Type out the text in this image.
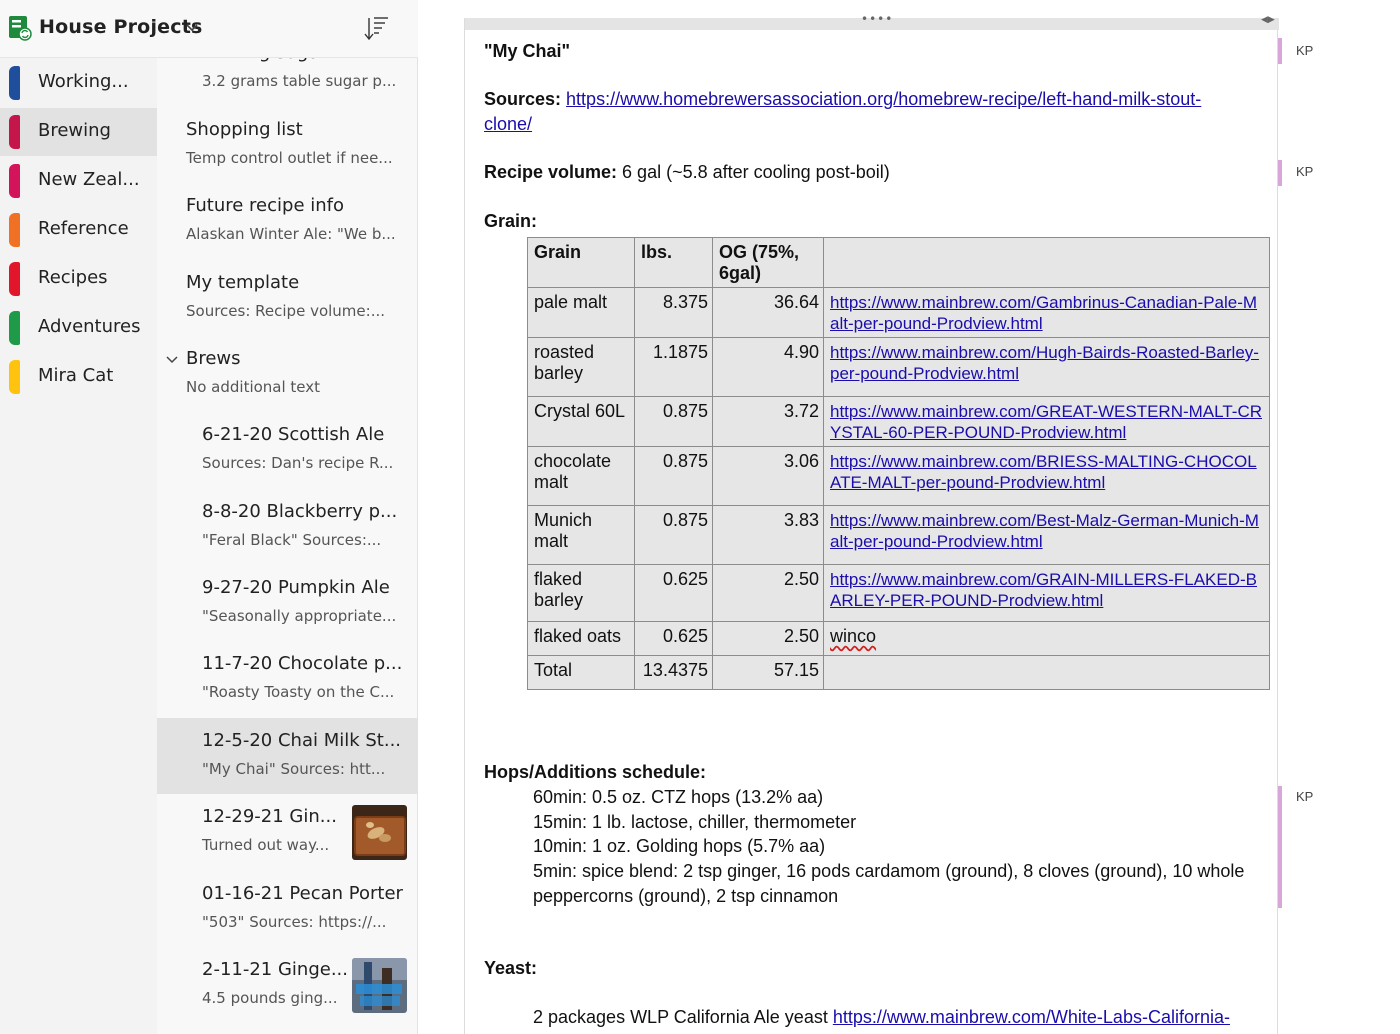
House Projects
Working...
Brewing
New Zeal...
Reference
Recipes
Adventures
Mira Cat
3.2 grams table sugar p...
Shopping list
Temp control outlet if nee...
Future recipe info
Alaskan Winter Ale: "We b...
My template
Sources: Recipe volume:...
Brews
No additional text
6-21-20 Scottish Ale
Sources: Dan's recipe R...
8-8-20 Blackberry p...
"Feral Black" Sources:...
9-27-20 Pumpkin Ale
"Seasonally appropriate...
11-7-20 Chocolate p...
"Roasty Toasty on the C...
12-5-20 Chai Milk St...
"My Chai" Sources: htt...
12-29-21 Gin...
Turned out way...
01-16-21 Pecan Porter
"503" Sources: https://...
2-11-21 Ginge...
4.5 pounds ging...
••••	◀▶
"My Chai"
Sources: https://www.homebrewersassociation.org/homebrew-recipe/left-hand-milk-stout-
clone/
Recipe volume: 6 gal (~5.8 after cooling post-boil)
Grain:
Grain	lbs.	OG (75%, 6gal)	
pale malt	8.375	36.64	https://www.mainbrew.com/Gambrinus-Canadian-Pale-Malt-per-pound-Prodview.html
roasted barley	1.1875	4.90	https://www.mainbrew.com/Hugh-Bairds-Roasted-Barley-per-pound-Prodview.html
Crystal 60L	0.875	3.72	https://www.mainbrew.com/GREAT-WESTERN-MALT-CRYSTAL-60-PER-POUND-Prodview.html
chocolate malt	0.875	3.06	https://www.mainbrew.com/BRIESS-MALTING-CHOCOLATE-MALT-per-pound-Prodview.html
Munich malt	0.875	3.83	https://www.mainbrew.com/Best-Malz-German-Munich-Malt-per-pound-Prodview.html
flaked barley	0.625	2.50	https://www.mainbrew.com/GRAIN-MILLERS-FLAKED-BARLEY-PER-POUND-Prodview.html
flaked oats	0.625	2.50	winco
Total	13.4375	57.15	
Hops/Additions schedule:
60min: 0.5 oz. CTZ hops (13.2% aa)
15min: 1 lb. lactose, chiller, thermometer
10min: 1 oz. Golding hops (5.7% aa)
5min: spice blend: 2 tsp ginger, 16 pods cardamom (ground), 8 cloves (ground), 10 whole
peppercorns (ground), 2 tsp cinnamon
Yeast:
2 packages WLP California Ale yeast https://www.mainbrew.com/White-Labs-California-
KP
KP
KP
